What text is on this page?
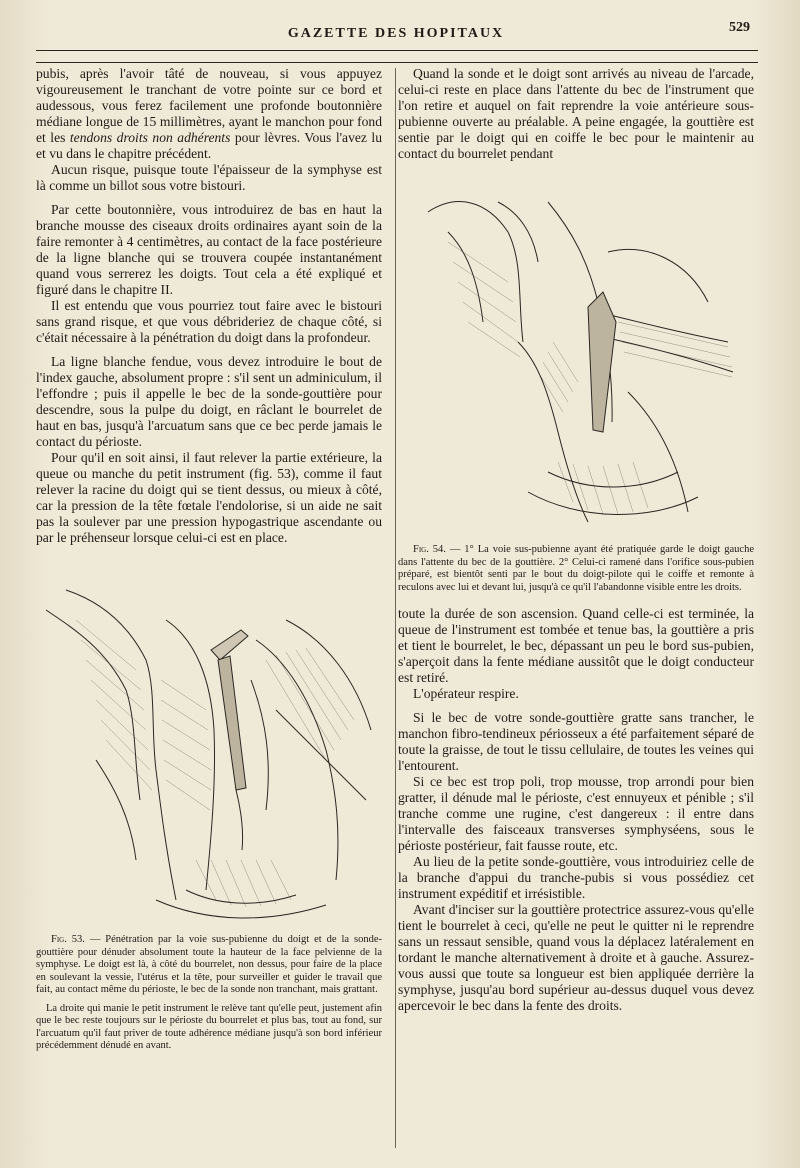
GAZETTE DES HOPITAUX	529

pubis, après l'avoir tâté de nouveau, si vous appuyez vigoureusement le tranchant de votre pointe sur ce bord et audessous, vous ferez facilement une profonde boutonnière médiane longue de 15 millimètres, ayant le manchon pour fond et les tendons droits non adhérents pour lèvres. Vous l'avez lu et vu dans le chapitre précédent.

Aucun risque, puisque toute l'épaisseur de la symphyse est là comme un billot sous votre bistouri.

Par cette boutonnière, vous introduirez de bas en haut la branche mousse des ciseaux droits ordinaires ayant soin de la faire remonter à 4 centimètres, au contact de la face postérieure de la ligne blanche qui se trouvera coupée instantanément quand vous serrerez les doigts. Tout cela a été expliqué et figuré dans le chapitre II.

Il est entendu que vous pourriez tout faire avec le bistouri sans grand risque, et que vous débrideriez de chaque côté, si c'était nécessaire à la pénétration du doigt dans la profondeur.

La ligne blanche fendue, vous devez introduire le bout de l'index gauche, absolument propre : s'il sent un adminiculum, il l'effondre ; puis il appelle le bec de la sonde-gouttière pour descendre, sous la pulpe du doigt, en râclant le bourrelet de haut en bas, jusqu'à l'arcuatum sans que ce bec perde jamais le contact du périoste.

Pour qu'il en soit ainsi, il faut relever la partie extérieure, la queue ou manche du petit instrument (fig. 53), comme il faut relever la racine du doigt qui se tient dessus, ou mieux à côté, car la pression de la tête fœtale l'endolorise, si un aide ne sait pas la soulever par une pression hypogastrique ascendante ou par le préhenseur lorsque celui-ci est en place.

Fig. 53. — Pénétration par la voie sus-pubienne du doigt et de la sonde-gouttière pour dénuder absolument toute la hauteur de la face pelvienne de la symphyse. Le doigt est là, à côté du bourrelet, non dessus, pour faire de la place en soulevant la vessie, l'utérus et la tête, pour surveiller et guider le travail que fait, au contact même du périoste, le bec de la sonde non tranchant, mais grattant.

La droite qui manie le petit instrument le relève tant qu'elle peut, justement afin que le bec reste toujours sur le périoste du bourrelet et plus bas, tout au fond, sur l'arcuatum qu'il faut priver de toute adhérence médiane jusqu'à son bord inférieur précédemment dénudé en avant.

Quand la sonde et le doigt sont arrivés au niveau de l'arcade, celui-ci reste en place dans l'attente du bec de l'instrument que l'on retire et auquel on fait reprendre la voie antérieure sous-pubienne ouverte au préalable. A peine engagée, la gouttière est sentie par le doigt qui en coiffe le bec pour le maintenir au contact du bourrelet pendant

Fig. 54. — 1° La voie sus-pubienne ayant été pratiquée garde le doigt gauche dans l'attente du bec de la gouttière. 2° Celui-ci ramené dans l'orifice sous-pubien préparé, est bientôt senti par le bout du doigt-pilote qui le coiffe et remonte à reculons avec lui et devant lui, jusqu'à ce qu'il l'abandonne visible entre les droits.

toute la durée de son ascension. Quand celle-ci est terminée, la queue de l'instrument est tombée et tenue bas, la gouttière a pris et tient le bourrelet, le bec, dépassant un peu le bord sus-pubien, s'aperçoit dans la fente médiane aussitôt que le doigt conducteur est retiré.

L'opérateur respire.

Si le bec de votre sonde-gouttière gratte sans trancher, le manchon fibro-tendineux périosseux a été parfaitement séparé de toute la graisse, de tout le tissu cellulaire, de toutes les veines qui l'entourent.

Si ce bec est trop poli, trop mousse, trop arrondi pour bien gratter, il dénude mal le périoste, c'est ennuyeux et pénible ; s'il tranche comme une rugine, c'est dangereux : il entre dans l'intervalle des faisceaux transverses symphyséens, sous le périoste postérieur, fait fausse route, etc.

Au lieu de la petite sonde-gouttière, vous introduiriez celle de la branche d'appui du tranche-pubis si vous possédiez cet instrument expéditif et irrésistible.

Avant d'inciser sur la gouttière protectrice assurez-vous qu'elle tient le bourrelet à ceci, qu'elle ne peut le quitter ni le reprendre sans un ressaut sensible, quand vous la déplacez latéralement en tordant le manche alternativement à droite et à gauche. Assurez-vous aussi que toute sa longueur est bien appliquée derrière la symphyse, jusqu'au bord supérieur au-dessus duquel vous devez apercevoir le bec dans la fente des droits.
